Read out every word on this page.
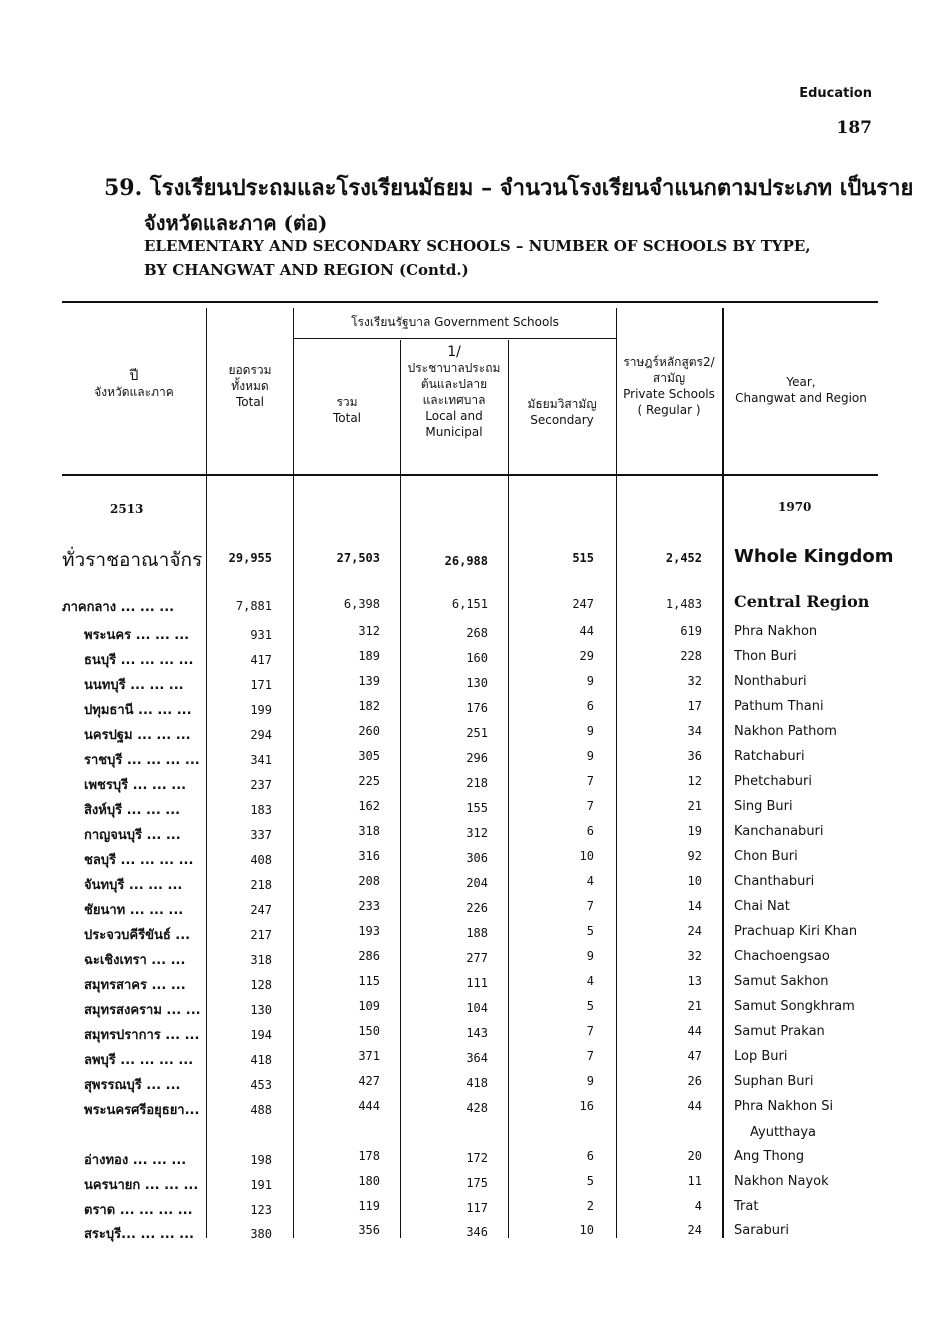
Education
187
59. โรงเรียนประถมและโรงเรียนมัธยม – จำนวนโรงเรียนจำแนกตามประเภท เป็นราย
จังหวัดและภาค (ต่อ)
ELEMENTARY AND SECONDARY SCHOOLS – NUMBER OF SCHOOLS BY TYPE,
BY CHANGWAT AND REGION (Contd.)
ปี
จังหวัดและภาค
ยอดรวม
ทั้งหมด
Total
โรงเรียนรัฐบาล Government Schools
รวม
Total
1/
ประชาบาลประถม
ต้นและปลาย
และเทศบาล
Local and
Municipal
มัธยมวิสามัญ
Secondary
ราษฎร์หลักสูตร2/
สามัญ
Private Schools
( Regular )
Year,
Changwat and Region
2513	1970
ทั่วราชอาณาจักร	29,955	27,503	26,988	515	2,452 Whole Kingdom
ภาคกลาง ... ... ...	7,881	6,398	6,151	247	1,483 Central Region
พระนคร ... ... ...	931	312	268	44	619 Phra Nakhon
ธนบุรี ... ... ... ...	417	189	160	29	228 Thon Buri
นนทบุรี ... ... ...	171	139	130	9	32 Nonthaburi
ปทุมธานี ... ... ...	199	182	176	6	17 Pathum Thani
นครปฐม ... ... ...	294	260	251	9	34 Nakhon Pathom
ราชบุรี ... ... ... ...	341	305	296	9	36 Ratchaburi
เพชรบุรี ... ... ...	237	225	218	7	12 Phetchaburi
สิงห์บุรี ... ... ...	183	162	155	7	21 Sing Buri
กาญจนบุรี ... ...	337	318	312	6	19 Kanchanaburi
ชลบุรี ... ... ... ...	408	316	306	10	92 Chon Buri
จันทบุรี ... ... ...	218	208	204	4	10 Chanthaburi
ชัยนาท ... ... ...	247	233	226	7	14 Chai Nat
ประจวบคีรีขันธ์ ...	217	193	188	5	24 Prachuap Kiri Khan
ฉะเชิงเทรา ... ...	318	286	277	9	32 Chachoengsao
สมุทรสาคร ... ...	128	115	111	4	13 Samut Sakhon
สมุทรสงคราม ... ...	130	109	104	5	21 Samut Songkhram
สมุทรปราการ ... ...	194	150	143	7	44 Samut Prakan
ลพบุรี ... ... ... ...	418	371	364	7	47 Lop Buri
สุพรรณบุรี ... ...	453	427	418	9	26 Suphan Buri
พระนครศรีอยุธยา...	488	444	428	16	44 Phra Nakhon Si
Ayutthaya
อ่างทอง ... ... ...	198	178	172	6	20 Ang Thong
นครนายก ... ... ...	191	180	175	5	11 Nakhon Nayok
ตราด ... ... ... ...	123	119	117	2	4 Trat
สระบุรี... ... ... ...	380	356	346	10	24 Saraburi
